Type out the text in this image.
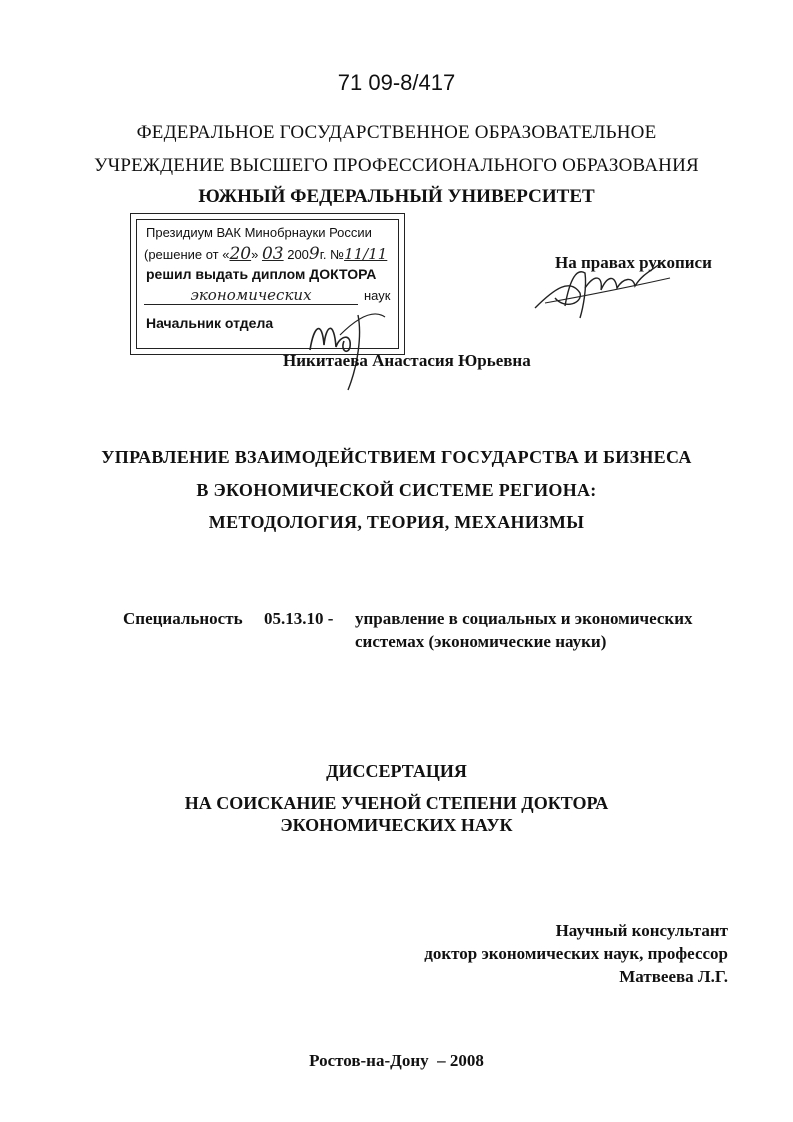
71 09-8/417
ФЕДЕРАЛЬНОЕ ГОСУДАРСТВЕННОЕ ОБРАЗОВАТЕЛЬНОЕ
УЧРЕЖДЕНИЕ ВЫСШЕГО ПРОФЕССИОНАЛЬНОГО ОБРАЗОВАНИЯ
ЮЖНЫЙ ФЕДЕРАЛЬНЫЙ УНИВЕРСИТЕТ
Президиум ВАК Минобрнауки России
(решение от «20» 03 2009г. №11/11
решил выдать диплом ДОКТОРА
экономических	наук
Начальник отдела
На правах рукописи
Никитаева Анастасия Юрьевна
УПРАВЛЕНИЕ ВЗАИМОДЕЙСТВИЕМ ГОСУДАРСТВА И БИЗНЕСА
В ЭКОНОМИЧЕСКОЙ СИСТЕМЕ РЕГИОНА:
МЕТОДОЛОГИЯ, ТЕОРИЯ, МЕХАНИЗМЫ
Специальность 05.13.10 - управление в социальных и экономических
системах (экономические науки)
ДИССЕРТАЦИЯ
НА СОИСКАНИЕ УЧЕНОЙ СТЕПЕНИ ДОКТОРА
ЭКОНОМИЧЕСКИХ НАУК
Научный консультант
доктор экономических наук, профессор
Матвеева Л.Г.
Ростов-на-Дону  – 2008
